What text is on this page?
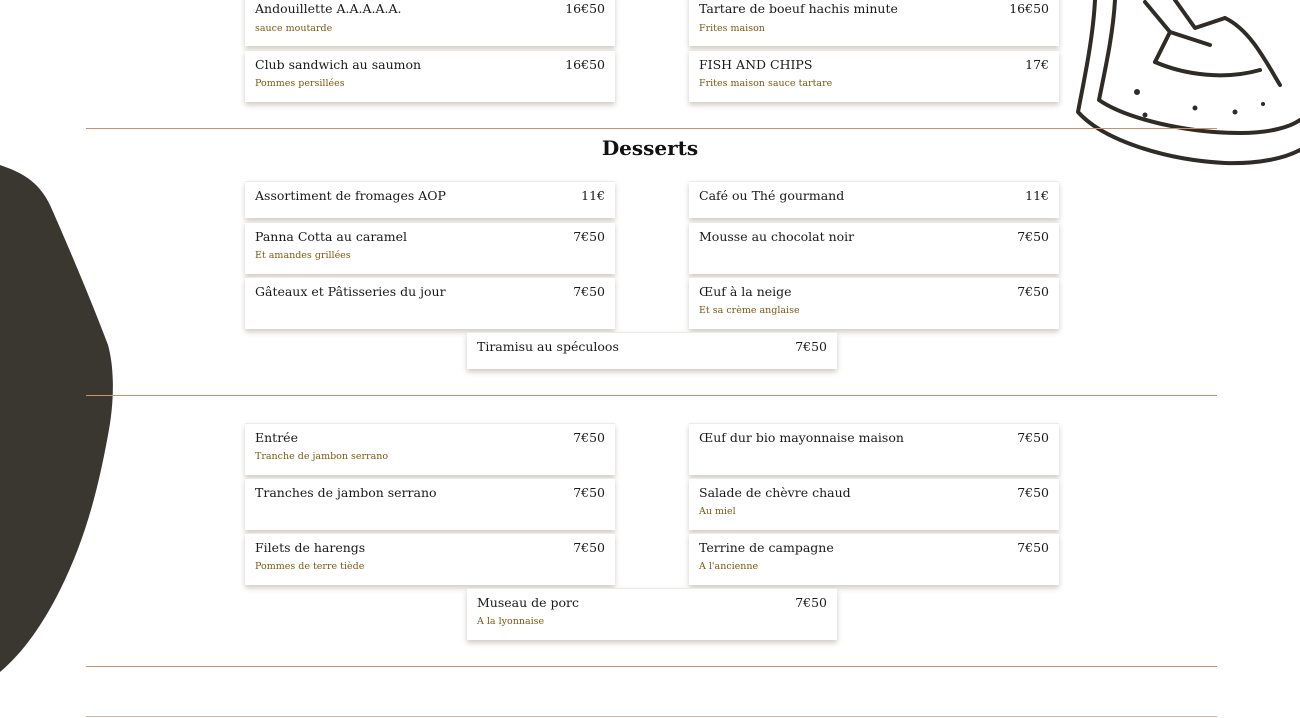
Andouillette A.A.A.A.A.	16€50
sauce moutarde
Tartare de boeuf hachis minute	16€50
Frites maison
Club sandwich au saumon	16€50
Pommes persillées
FISH AND CHIPS	17€
Frites maison sauce tartare
Desserts
Assortiment de fromages AOP	11€	Café ou Thé gourmand	11€
Panna Cotta au caramel	7€50
Et amandes grillées
Mousse au chocolat noir	7€50
Gâteaux et Pâtisseries du jour	7€50	Œuf à la neige	7€50
Et sa crème anglaise
Tiramisu au spéculoos	7€50
Entrée	7€50
Tranche de jambon serrano
Œuf dur bio mayonnaise maison	7€50
Tranches de jambon serrano	7€50	Salade de chèvre chaud	7€50
Au miel
Filets de harengs	7€50
Pommes de terre tiède
Terrine de campagne	7€50
A l'ancienne
Museau de porc	7€50
A la lyonnaise
